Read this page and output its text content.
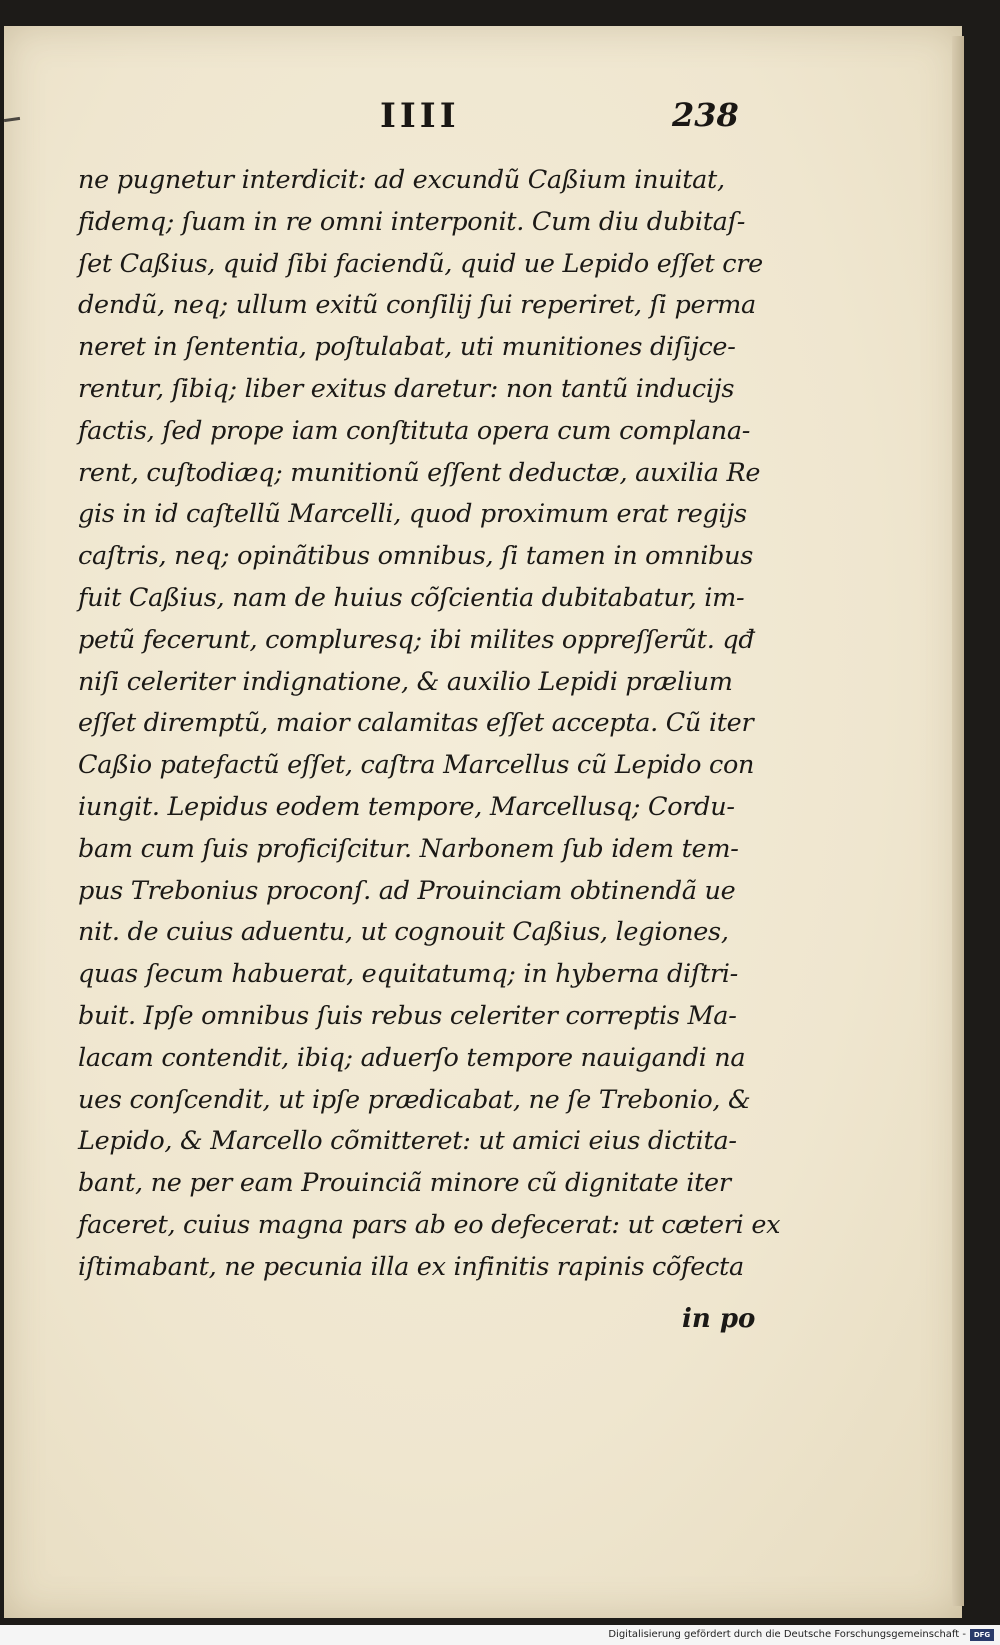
IIII	238
ne pugnetur interdicit: ad excundũ Caßium inuitat,
fidemq; ſuam in re omni interponit. Cum diu dubitaſ-
ſet Caßius, quid ſibi faciendũ, quid ue Lepido eſſet cre
dendũ, neq; ullum exitũ conſilij ſui reperiret, ſi perma
neret in ſententia, poſtulabat, uti munitiones diſijce-
rentur, ſibiq; liber exitus daretur: non tantũ inducijs
factis, ſed prope iam conſtituta opera cum complana-
rent, cuſtodiæq; munitionũ eſſent deductæ, auxilia Re
gis in id caſtellũ Marcelli, quod proximum erat regijs
caſtris, neq; opinãtibus omnibus, ſi tamen in omnibus
fuit Caßius, nam de huius cõſcientia dubitabatur, im-
petũ fecerunt, compluresq; ibi milites oppreſſerũt. qđ
niſi celeriter indignatione, & auxilio Lepidi prælium
eſſet diremptũ, maior calamitas eſſet accepta. Cũ iter
Caßio patefactũ eſſet, caſtra Marcellus cũ Lepido con
iungit. Lepidus eodem tempore, Marcellusq; Cordu-
bam cum ſuis proficiſcitur. Narbonem ſub idem tem-
pus Trebonius proconſ. ad Prouinciam obtinendã ue
nit. de cuius aduentu, ut cognouit Caßius, legiones,
quas ſecum habuerat, equitatumq; in hyberna diſtri-
buit. Ipſe omnibus ſuis rebus celeriter correptis Ma-
lacam contendit, ibiq; aduerſo tempore nauigandi na
ues conſcendit, ut ipſe prædicabat, ne ſe Trebonio, &
Lepido, & Marcello cõmitteret: ut amici eius dictita-
bant, ne per eam Prouinciã minore cũ dignitate iter
faceret, cuius magna pars ab eo defecerat: ut cæteri ex
iſtimabant, ne pecunia illa ex infinitis rapinis cõfecta
in po
Digitalisierung gefördert durch die Deutsche Forschungsgemeinschaft -	DFG
